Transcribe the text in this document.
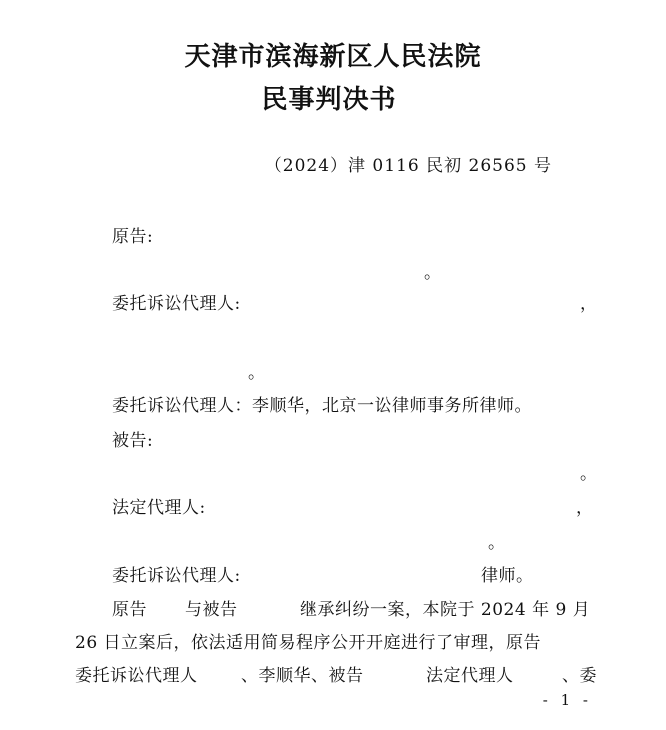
天津市滨海新区人民法院
民事判决书
（2024）津 0116 民初 26565 号
原告:
。
委托诉讼代理人:	，
。
委托诉讼代理人：李顺华，北京一讼律师事务所律师。
被告:
。
法定代理人:	，
。
委托诉讼代理人:	律师。
原告 与被告	继承纠纷一案，本院于 2024 年 9 月
26 日立案后，依法适用简易程序公开开庭进行了审理，原告
委托诉讼代理人	、李顺华、被告	法定代理人	、委
- 1 -
